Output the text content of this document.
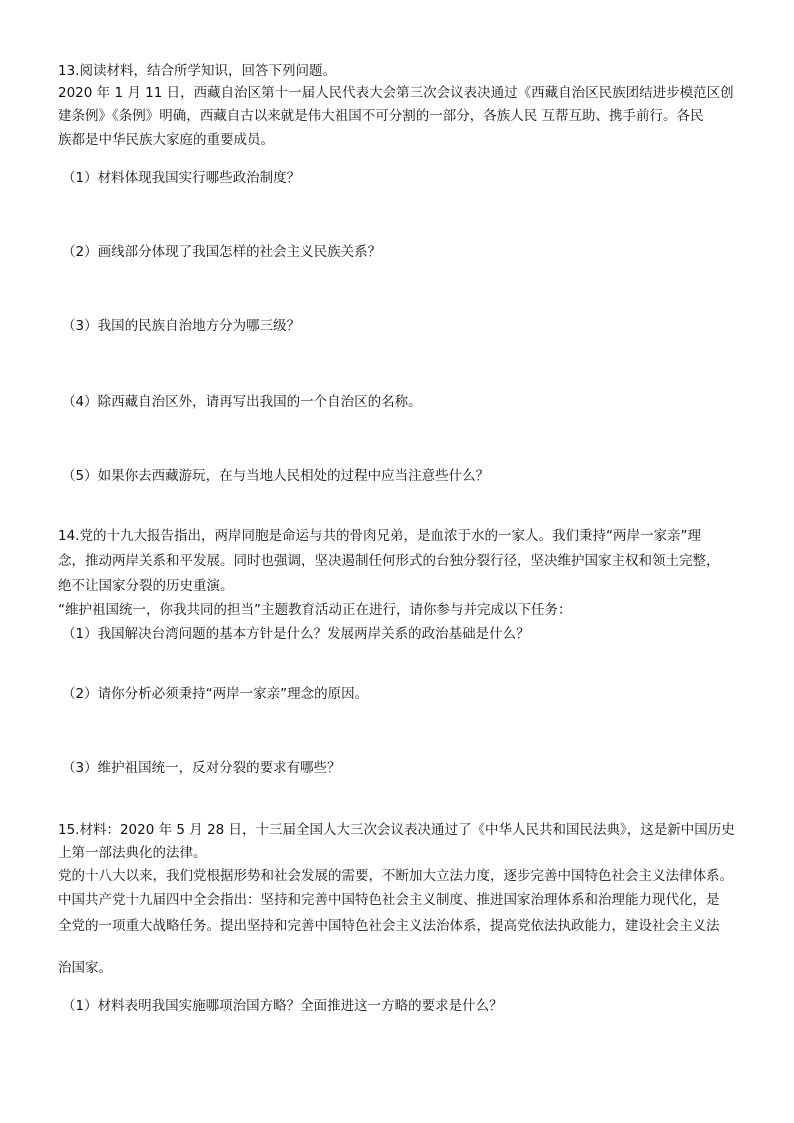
13.阅读材料，结合所学知识，回答下列问题。
2020 年 1 月 11 日，西藏自治区第十一届人民代表大会第三次会议表决通过《西藏自治区民族团结进步模范区创
建条例》《条例》明确，西藏自古以来就是伟大祖国不可分割的一部分，各族人民 互帮互助、携手前行。各民
族都是中华民族大家庭的重要成员。
（1）材料体现我国实行哪些政治制度？
（2）画线部分体现了我国怎样的社会主义民族关系？
（3）我国的民族自治地方分为哪三级？
（4）除西藏自治区外，请再写出我国的一个自治区的名称。
（5）如果你去西藏游玩，在与当地人民相处的过程中应当注意些什么？
14.党的十九大报告指出，两岸同胞是命运与共的骨肉兄弟，是血浓于水的一家人。我们秉持“两岸一家亲”理
念，推动两岸关系和平发展。同时也强调，坚决遏制任何形式的台独分裂行径，坚决维护国家主权和领土完整，
绝不让国家分裂的历史重演。
“维护祖国统一，你我共同的担当”主题教育活动正在进行，请你参与并完成以下任务：
（1）我国解决台湾问题的基本方针是什么？发展两岸关系的政治基础是什么？
（2）请你分析必须秉持“两岸一家亲”理念的原因。
（3）维护祖国统一，反对分裂的要求有哪些？
15.材料：2020 年 5 月 28 日，十三届全国人大三次会议表决通过了《中华人民共和国民法典》，这是新中国历史
上第一部法典化的法律。
党的十八大以来，我们党根据形势和社会发展的需要，不断加大立法力度，逐步完善中国特色社会主义法律体系。
中国共产党十九届四中全会指出：坚持和完善中国特色社会主义制度、推进国家治理体系和治理能力现代化，是
全党的一项重大战略任务。提出坚持和完善中国特色社会主义法治体系，提高党依法执政能力，建设社会主义法
治国家。
（1）材料表明我国实施哪项治国方略？全面推进这一方略的要求是什么？
